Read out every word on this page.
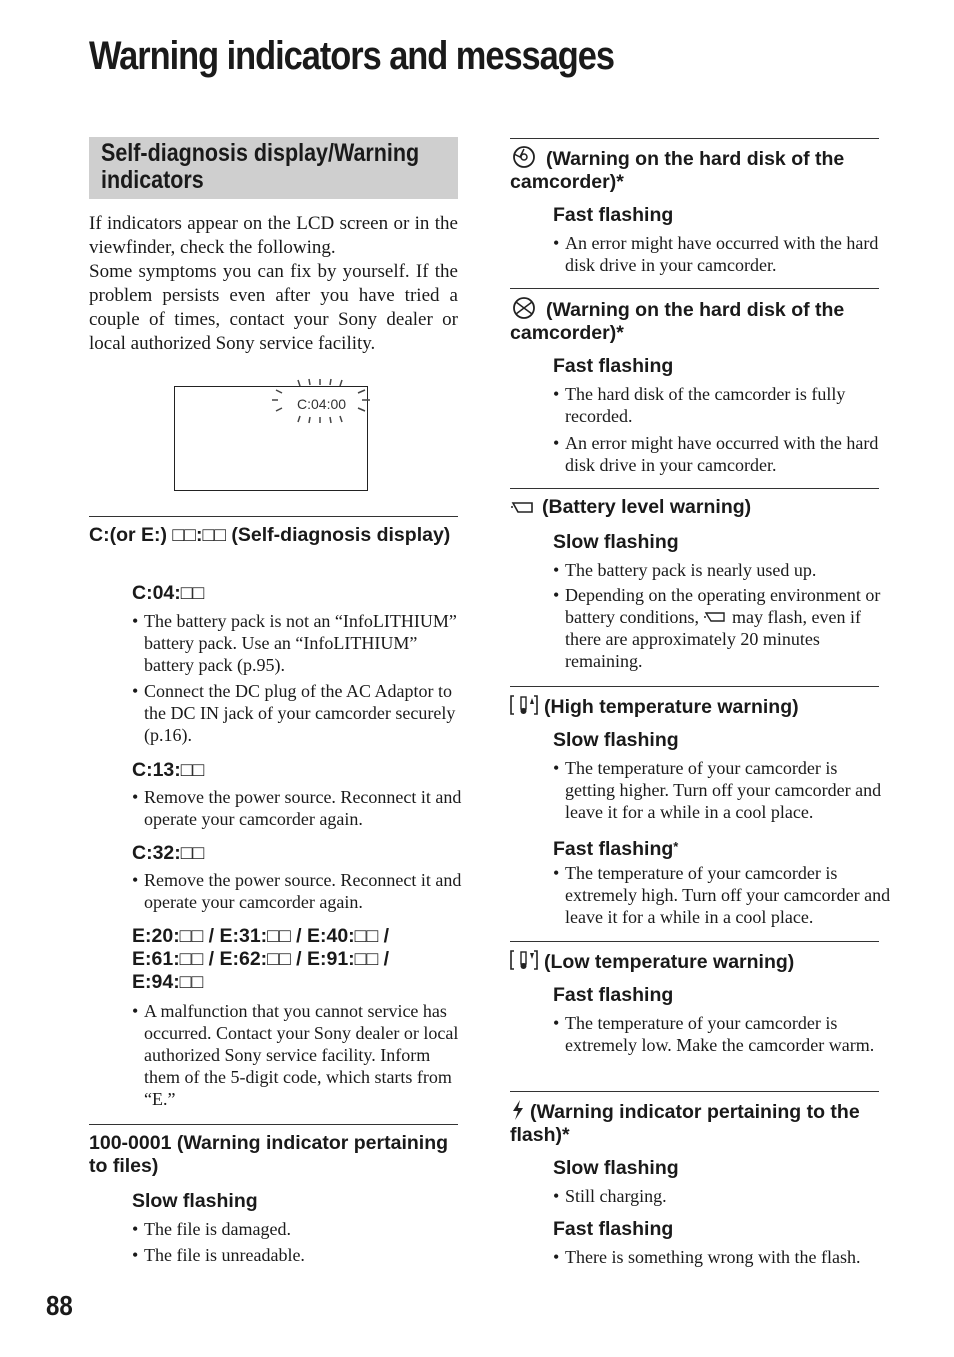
Warning indicators and messages
Self-diagnosis display/Warning indicators

If indicators appear on the LCD screen or in the viewfinder, check the following.

Some symptoms you can fix by yourself. If the problem persists even after you have tried a couple of times, contact your Sony dealer or local authorized Sony service facility.

C:04:00
C:(or E:) □□:□□ (Self-diagnosis display)
C:04:□□
• The battery pack is not an “InfoLITHIUM” battery pack. Use an “InfoLITHIUM” battery pack (p.95).
• Connect the DC plug of the AC Adaptor to the DC IN jack of your camcorder securely (p.16).
C:13:□□
• Remove the power source. Reconnect it and operate your camcorder again.
C:32:□□
• Remove the power source. Reconnect it and operate your camcorder again.
E:20:□□ / E:31:□□ / E:40:□□ / E:61:□□ / E:62:□□ / E:91:□□ / E:94:□□
• A malfunction that you cannot service has occurred. Contact your Sony dealer or local authorized Sony service facility. Inform them of the 5-digit code, which starts from “E.”
100-0001 (Warning indicator pertaining to files)
Slow flashing
• The file is damaged.
• The file is unreadable.
(Warning on the hard disk of the camcorder)*
Fast flashing
• An error might have occurred with the hard disk drive in your camcorder.
(Warning on the hard disk of the camcorder)*
Fast flashing
• The hard disk of the camcorder is fully recorded.
• An error might have occurred with the hard disk drive in your camcorder.
(Battery level warning)
Slow flashing
• The battery pack is nearly used up.
• Depending on the operating environment or battery conditions, may flash, even if there are approximately 20 minutes remaining.
(High temperature warning)
Slow flashing
• The temperature of your camcorder is getting higher. Turn off your camcorder and leave it for a while in a cool place.
Fast flashing*
• The temperature of your camcorder is extremely high. Turn off your camcorder and leave it for a while in a cool place.
(Low temperature warning)
Fast flashing
• The temperature of your camcorder is extremely low. Make the camcorder warm.
(Warning indicator pertaining to the flash)*
Slow flashing
• Still charging.
Fast flashing
• There is something wrong with the flash.
88
